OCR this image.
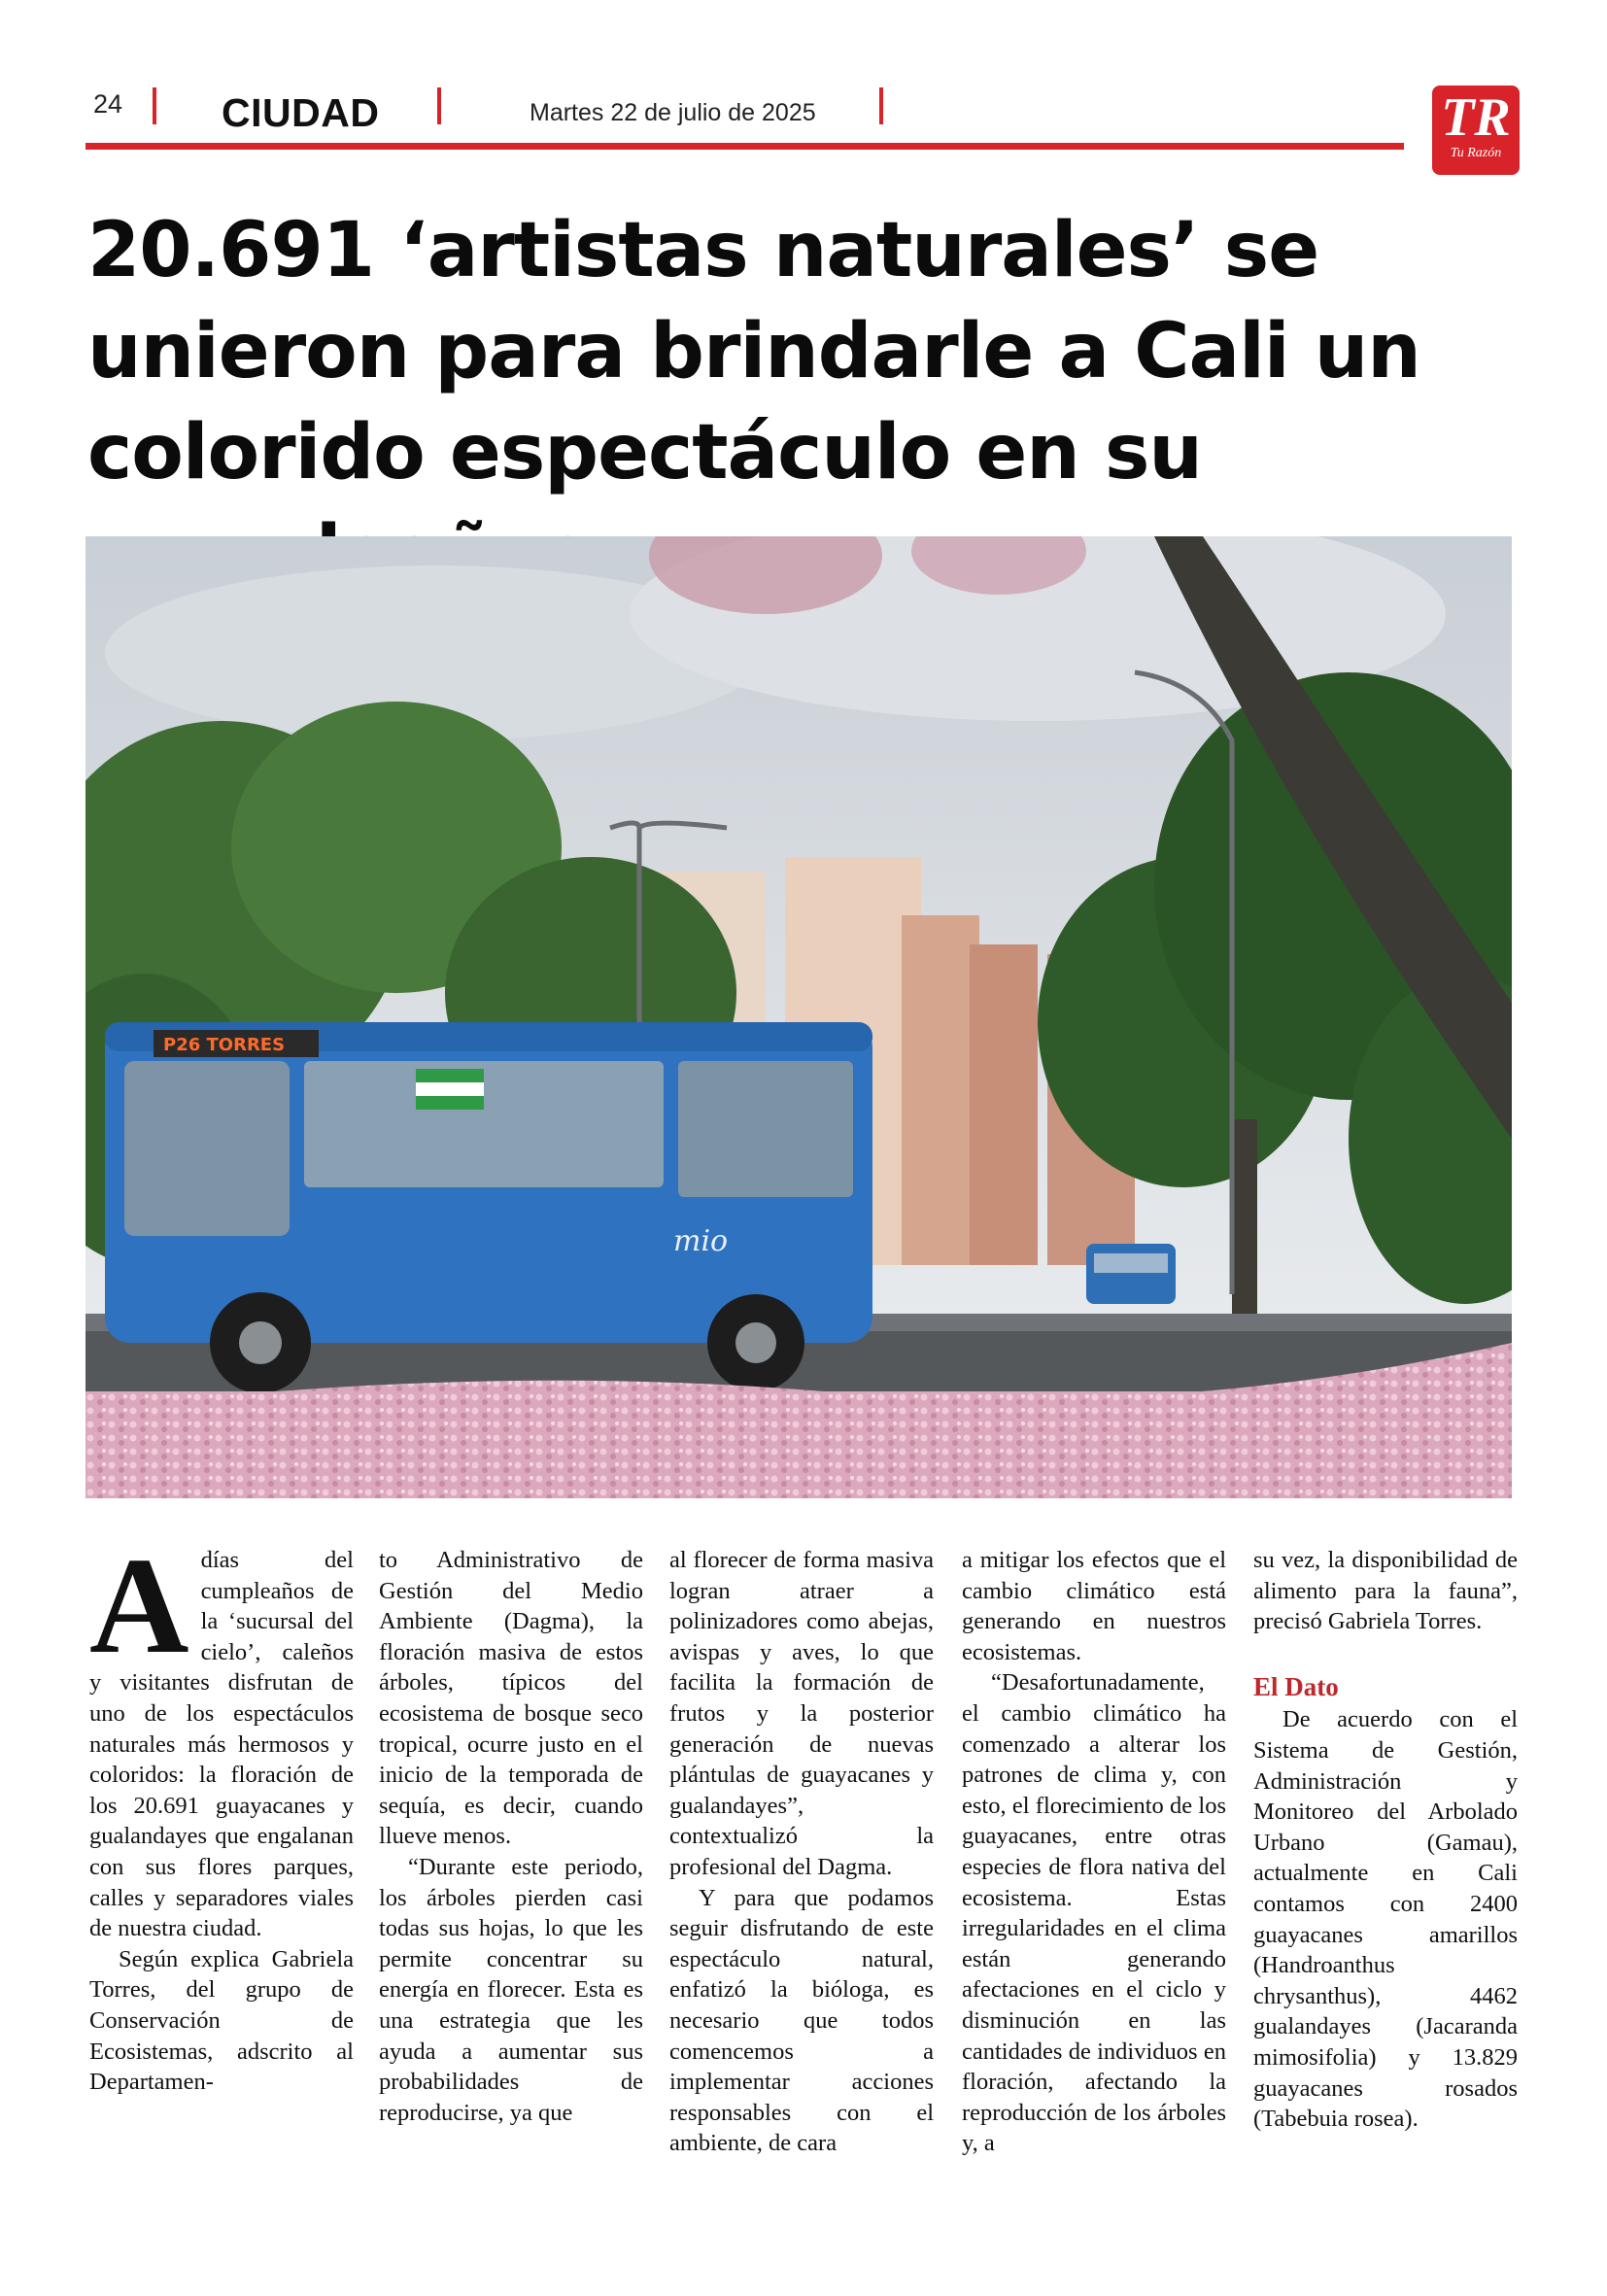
24 CIUDAD	Martes 22 de julio de 2025	TR
Tu Razón
20.691 ‘artistas naturales’ se unieron para brindarle a Cali un colorido espectáculo en su
P26 TORRES
mio
A días del cumpleaños de la ‘sucursal del cielo’, caleños y visitantes disfrutan de uno de los espectáculos naturales más hermosos y coloridos: la floración de los 20.691 guayacanes y gualandayes que engalanan con sus flores parques, calles y separadores viales de nuestra ciudad.

Según explica Gabriela Torres, del grupo de Conservación de Ecosistemas, adscrito al Departamen-

to Administrativo de Gestión del Medio Ambiente (Dagma), la floración masiva de estos árboles, típicos del ecosistema de bosque seco tropical, ocurre justo en el inicio de la temporada de sequía, es decir, cuando llueve menos.

“Durante este periodo, los árboles pierden casi todas sus hojas, lo que les permite concentrar su energía en florecer. Esta es una estrategia que les ayuda a aumentar sus probabilidades de reproducirse, ya que

al florecer de forma masiva logran atraer a polinizadores como abejas, avispas y aves, lo que facilita la formación de frutos y la posterior generación de nuevas plántulas de guayacanes y gualandayes”, contextualizó la profesional del Dagma.

Y para que podamos seguir disfrutando de este espectáculo natural, enfatizó la bióloga, es necesario que todos comencemos a implementar acciones responsables con el ambiente, de cara

a mitigar los efectos que el cambio climático está generando en nuestros ecosistemas.

“Desafortunadamente, el cambio climático ha comenzado a alterar los patrones de clima y, con esto, el florecimiento de los guayacanes, entre otras especies de flora nativa del ecosistema. Estas irregularidades en el clima están generando afectaciones en el ciclo y disminución en las cantidades de individuos en floración, afectando la reproducción de los árboles y, a

su vez, la disponibilidad de alimento para la fauna”, precisó Gabriela Torres.

El Dato

De acuerdo con el Sistema de Gestión, Administración y Monitoreo del Arbolado Urbano (Gamau), actualmente en Cali contamos con 2400 guayacanes amarillos (Handroanthus chrysanthus), 4462 gualandayes (Jacaranda mimosifolia) y 13.829 guayacanes rosados (Tabebuia rosea).
